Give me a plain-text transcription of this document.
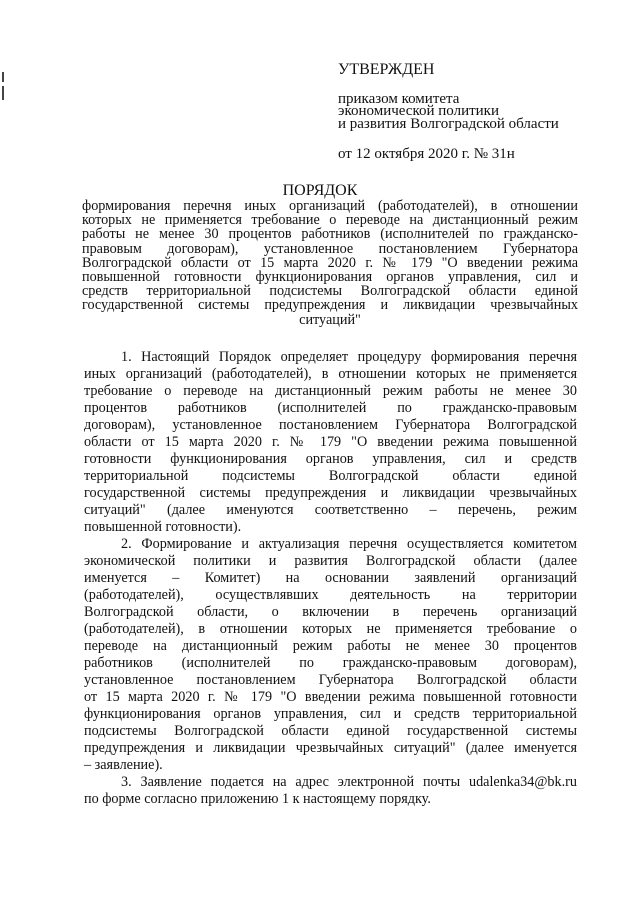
УТВЕРЖДЕН
приказом комитета
экономической политики
и развития Волгоградской области
от 12 октября 2020 г. № 31н
ПОРЯДОК
формирования перечня иных организаций (работодателей), в отношении
которых не применяется требование о переводе на дистанционный режим
работы не менее 30 процентов работников (исполнителей по гражданско-
правовым договорам), установленное постановлением Губернатора
Волгоградской области от 15 марта 2020 г. № 179 "О введении режима
повышенной готовности функционирования органов управления, сил и
средств территориальной подсистемы Волгоградской области единой
государственной системы предупреждения и ликвидации чрезвычайных
ситуаций"
1. Настоящий Порядок определяет процедуру формирования перечня
иных организаций (работодателей), в отношении которых не применяется
требование о переводе на дистанционный режим работы не менее 30
процентов работников (исполнителей по гражданско-правовым
договорам), установленное постановлением Губернатора Волгоградской
области от 15 марта 2020 г. № 179 "О введении режима повышенной
готовности функционирования органов управления, сил и средств
территориальной подсистемы Волгоградской области единой
государственной системы предупреждения и ликвидации чрезвычайных
ситуаций" (далее именуются соответственно – перечень, режим
повышенной готовности).
2. Формирование и актуализация перечня осуществляется комитетом
экономической политики и развития Волгоградской области (далее
именуется – Комитет) на основании заявлений организаций
(работодателей), осуществлявших деятельность на территории
Волгоградской области, о включении в перечень организаций
(работодателей), в отношении которых не применяется требование о
переводе на дистанционный режим работы не менее 30 процентов
работников (исполнителей по гражданско-правовым договорам),
установленное постановлением Губернатора Волгоградской области
от 15 марта 2020 г. № 179 "О введении режима повышенной готовности
функционирования органов управления, сил и средств территориальной
подсистемы Волгоградской области единой государственной системы
предупреждения и ликвидации чрезвычайных ситуаций" (далее именуется
– заявление).
3. Заявление подается на адрес электронной почты udalenka34@bk.ru
по форме согласно приложению 1 к настоящему порядку.
